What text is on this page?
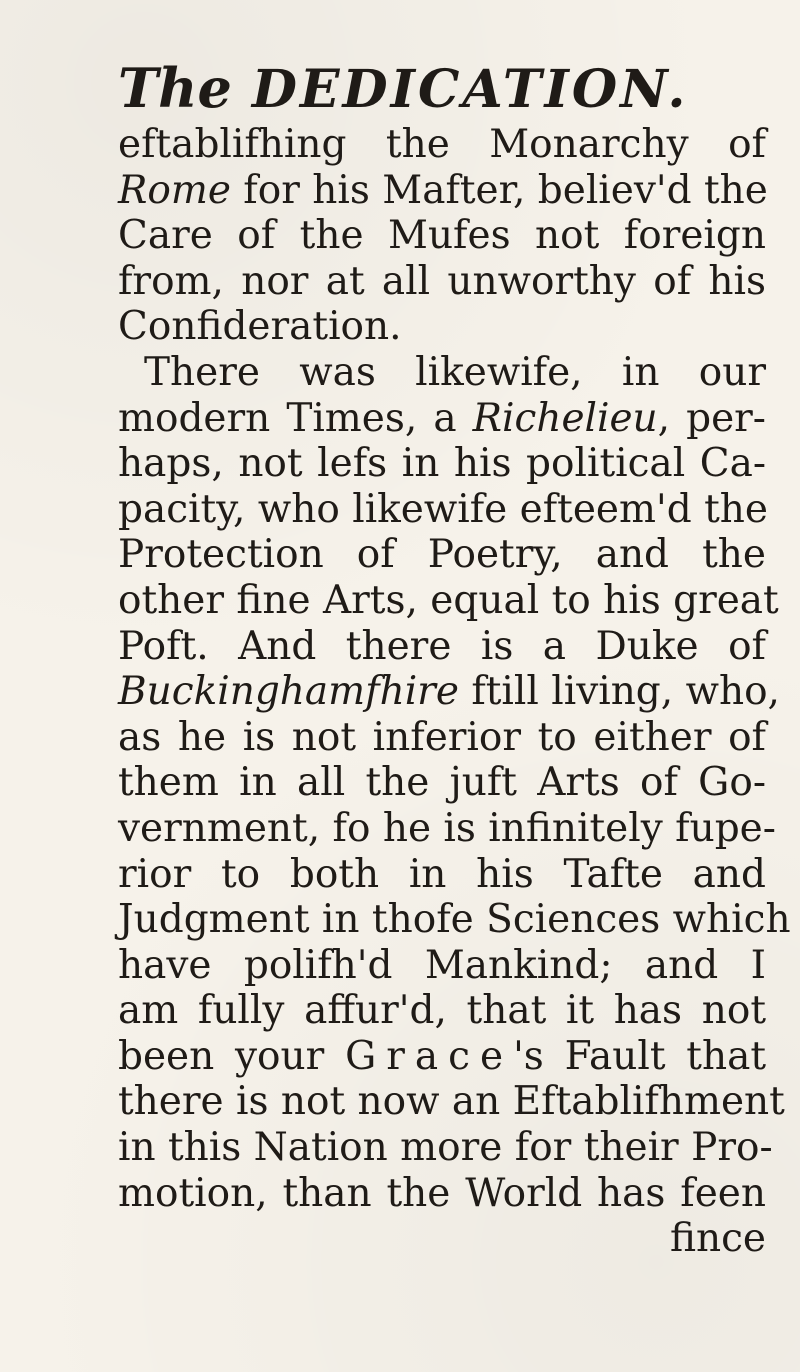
The DEDICATION.
eftablifhing the Monarchy of
Rome for his Mafter, believ'd the
Care of the Mufes not foreign
from, nor at all unworthy of his
Confideration.
There was likewife, in our
modern Times, a Richelieu, per-
haps, not lefs in his political Ca-
pacity, who likewife efteem'd the
Protection of Poetry, and the
other fine Arts, equal to his great
Poft. And there is a Duke of
Buckinghamfhire ftill living, who,
as he is not inferior to either of
them in all the juft Arts of Go-
vernment, fo he is infinitely fupe-
rior to both in his Tafte and
Judgment in thofe Sciences which
have polifh'd Mankind; and I
am fully affur'd, that it has not
been your Grace's Fault that
there is not now an Eftablifhment
in this Nation more for their Pro-
motion, than the World has feen
fince
